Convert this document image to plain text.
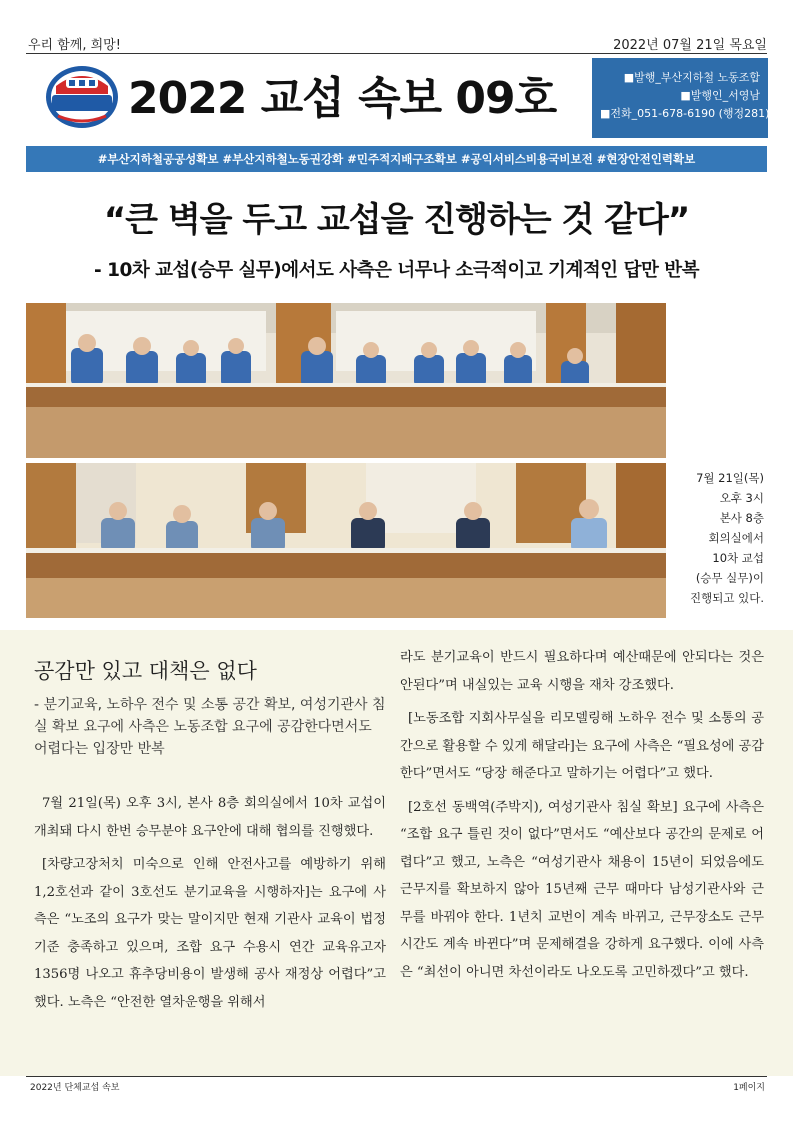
우리 함께, 희망!	2022년 07월 21일 목요일
2022 교섭 속보 09호	■발행_부산지하철 노동조합
■발행인_서영남
■전화_051-678-6190 (행정281)
#부산지하철공공성확보 #부산지하철노동권강화 #민주적지배구조확보 #공익서비스비용국비보전 #현장안전인력확보
“큰 벽을 두고 교섭을 진행하는 것 같다”
- 10차 교섭(승무 실무)에서도 사측은 너무나 소극적이고 기계적인 답만 반복
7월 21일(목)
오후 3시
본사 8층
회의실에서
10차 교섭
(승무 실무)이
진행되고 있다.
공감만 있고 대책은 없다
- 분기교육, 노하우 전수 및 소통 공간 확보, 여성기관사 침실 확보 요구에 사측은 노동조합 요구에 공감한다면서도 어렵다는 입장만 반복

7월 21일(목) 오후 3시, 본사 8층 회의실에서 10차 교섭이 개최돼 다시 한번 승무분야 요구안에 대해 협의를 진행했다.

[차량고장처치 미숙으로 인해 안전사고를 예방하기 위해 1,2호선과 같이 3호선도 분기교육을 시행하자]는 요구에 사측은 “노조의 요구가 맞는 말이지만 현재 기관사 교육이 법정기준 충족하고 있으며, 조합 요구 수용시 연간 교육유고자 1356명 나오고 휴추당비용이 발생해 공사 재정상 어렵다”고 했다. 노측은 “안전한 열차운행을 위해서

라도 분기교육이 반드시 필요하다며 예산때문에 안되다는 것은 안된다”며 내실있는 교육 시행을 재차 강조했다.

[노동조합 지회사무실을 리모델링해 노하우 전수 및 소통의 공간으로 활용할 수 있게 해달라]는 요구에 사측은 “필요성에 공감한다”면서도 “당장 해준다고 말하기는 어렵다”고 했다.

[2호선 동백역(주박지), 여성기관사 침실 확보] 요구에 사측은 “조합 요구 틀린 것이 없다”면서도 “예산보다 공간의 문제로 어렵다”고 했고, 노측은 “여성기관사 채용이 15년이 되었음에도 근무지를 확보하지 않아 15년째 근무 때마다 남성기관사와 근무를 바꿔야 한다. 1년치 교번이 계속 바뀌고, 근무장소도 근무시간도 계속 바뀐다”며 문제해결을 강하게 요구했다. 이에 사측은 “최선이 아니면 차선이라도 나오도록 고민하겠다”고 했다.

2022년 단체교섭 속보	1페이지
